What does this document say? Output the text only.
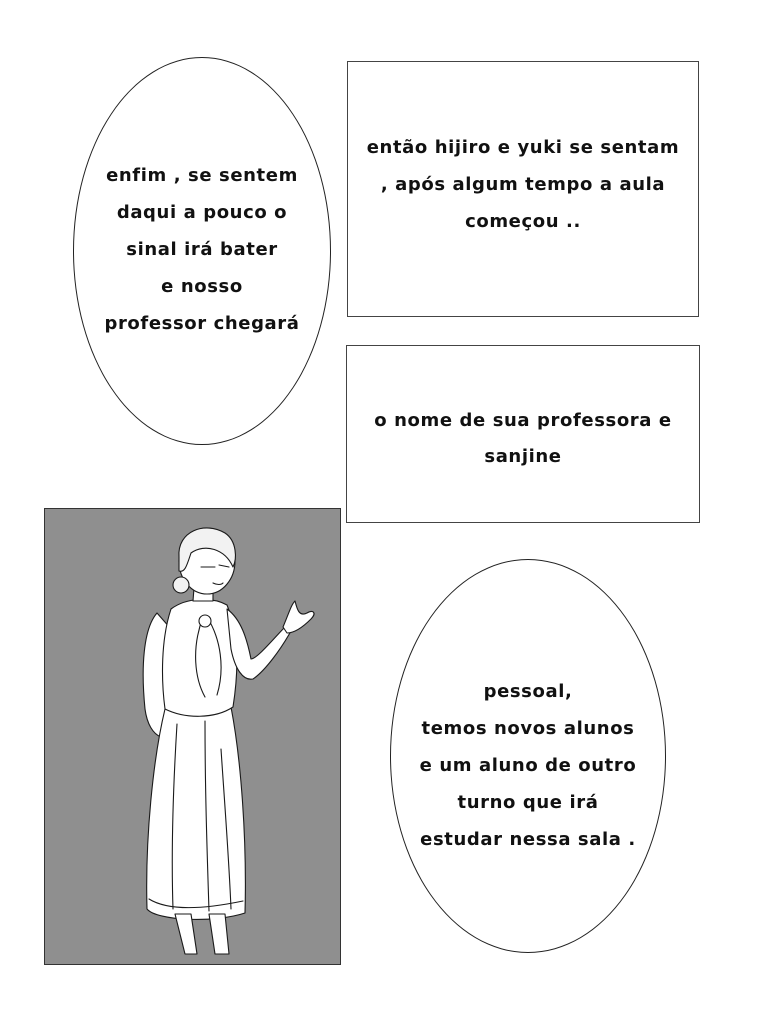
enfim , se sentem
daqui a pouco o
sinal irá bater
e nosso
professor chegará
então hijiro e yuki se sentam
, após algum tempo a aula
começou ..
o nome de sua professora e
sanjine
pessoal,
temos novos alunos
e um aluno de outro
turno que irá
estudar nessa sala .
